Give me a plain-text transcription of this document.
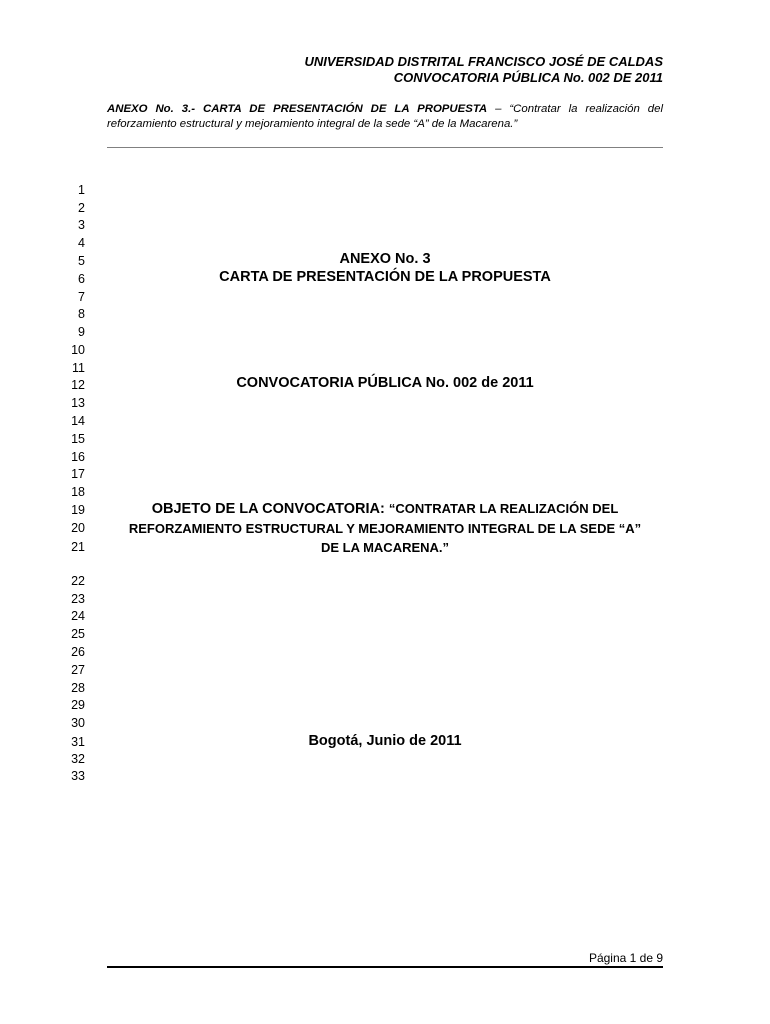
UNIVERSIDAD DISTRITAL FRANCISCO JOSÉ DE CALDAS
CONVOCATORIA PÚBLICA No. 002 DE 2011
ANEXO No. 3.- CARTA DE PRESENTACIÓN DE LA PROPUESTA – “Contratar la realización del
reforzamiento estructural y mejoramiento integral de la sede “A” de la Macarena.”
1
2
3
4
5
6
7
8
9
10
11
12
13
14
15
16
17
18
19
20
21
22
23
24
25
26
27
28
29
30
31
32
33
ANEXO No. 3
CARTA DE PRESENTACIÓN DE LA PROPUESTA
CONVOCATORIA PÚBLICA No. 002 de 2011
OBJETO DE LA CONVOCATORIA: “CONTRATAR LA REALIZACIÓN DEL
REFORZAMIENTO ESTRUCTURAL Y MEJORAMIENTO INTEGRAL DE LA SEDE “A”
DE LA MACARENA.”
Bogotá, Junio de 2011
Página 1 de 9
